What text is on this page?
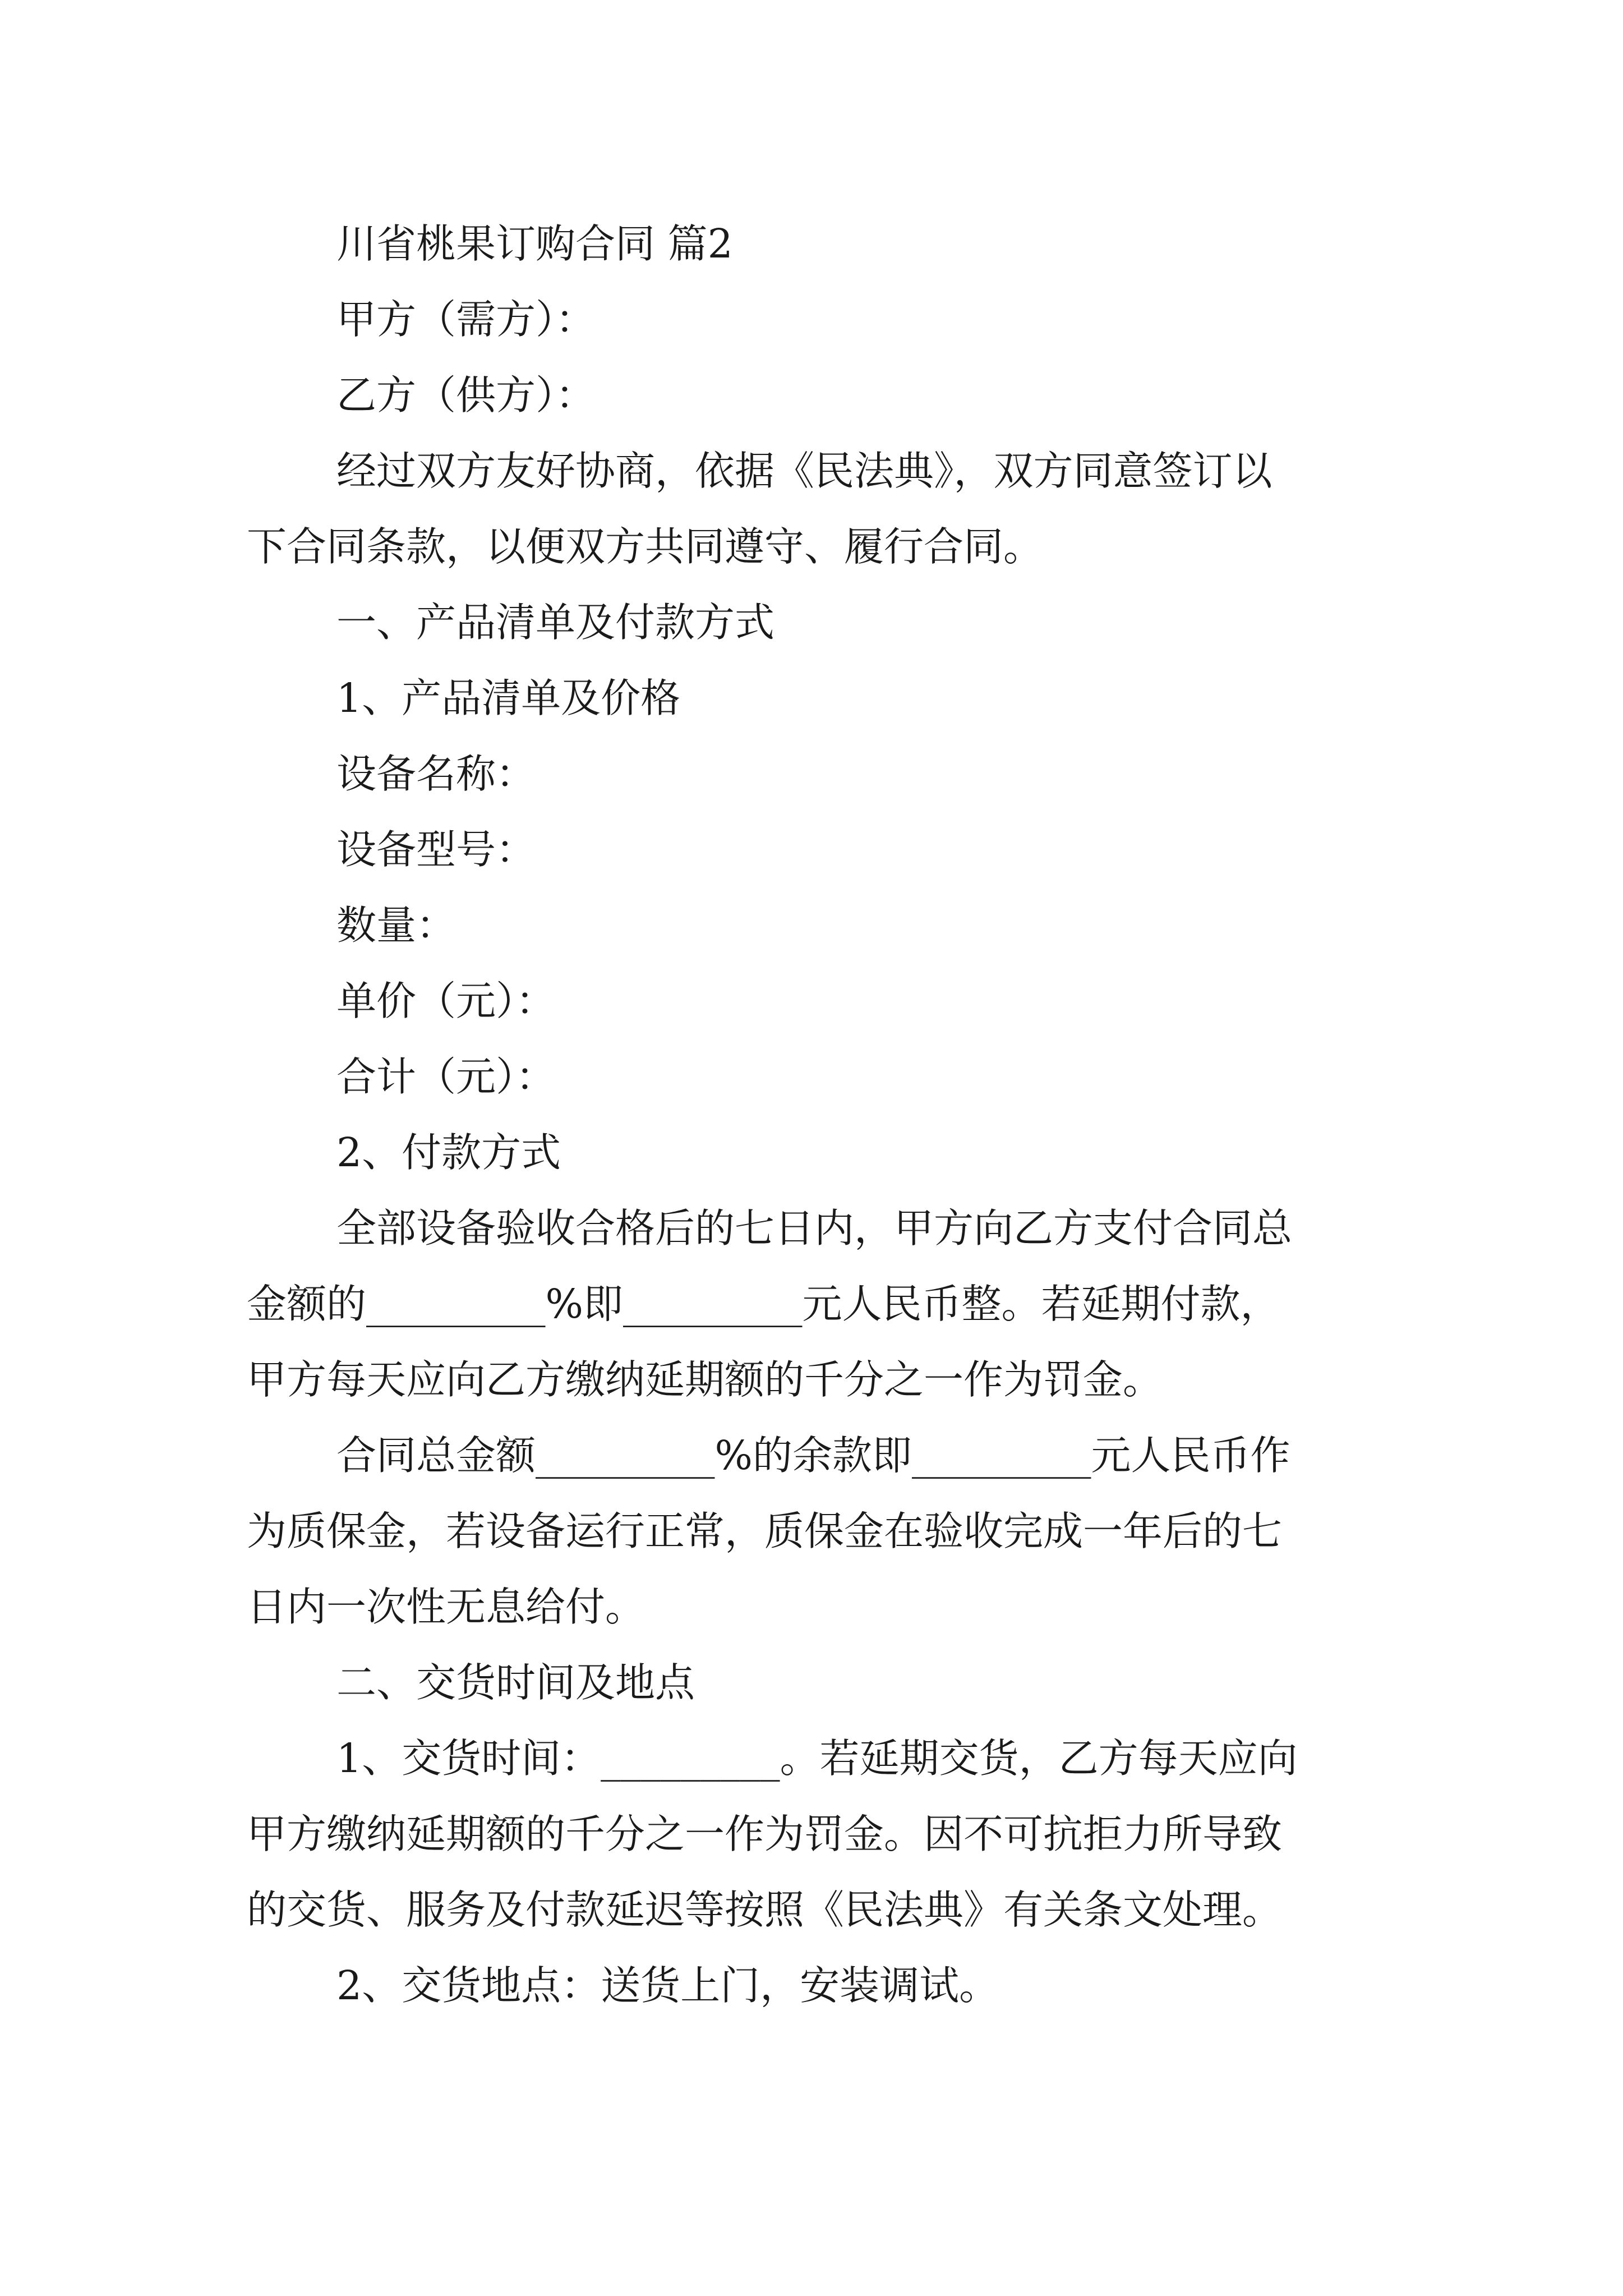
川省桃果订购合同 篇2

甲方（需方）：

乙方（供方）：

经过双方友好协商，依据《民法典》，双方同意签订以

下合同条款，以便双方共同遵守、履行合同。

一、产品清单及付款方式

1、产品清单及价格

设备名称：

设备型号：

数量：

单价（元）：

合计（元）：

2、付款方式

全部设备验收合格后的七日内，甲方向乙方支付合同总

金额的_________%即_________元人民币整。若延期付款，

甲方每天应向乙方缴纳延期额的千分之一作为罚金。

合同总金额_________%的余款即_________元人民币作

为质保金，若设备运行正常，质保金在验收完成一年后的七

日内一次性无息给付。

二、交货时间及地点

1、交货时间：_________。若延期交货，乙方每天应向

甲方缴纳延期额的千分之一作为罚金。因不可抗拒力所导致

的交货、服务及付款延迟等按照《民法典》有关条文处理。

2、交货地点：送货上门，安装调试。
